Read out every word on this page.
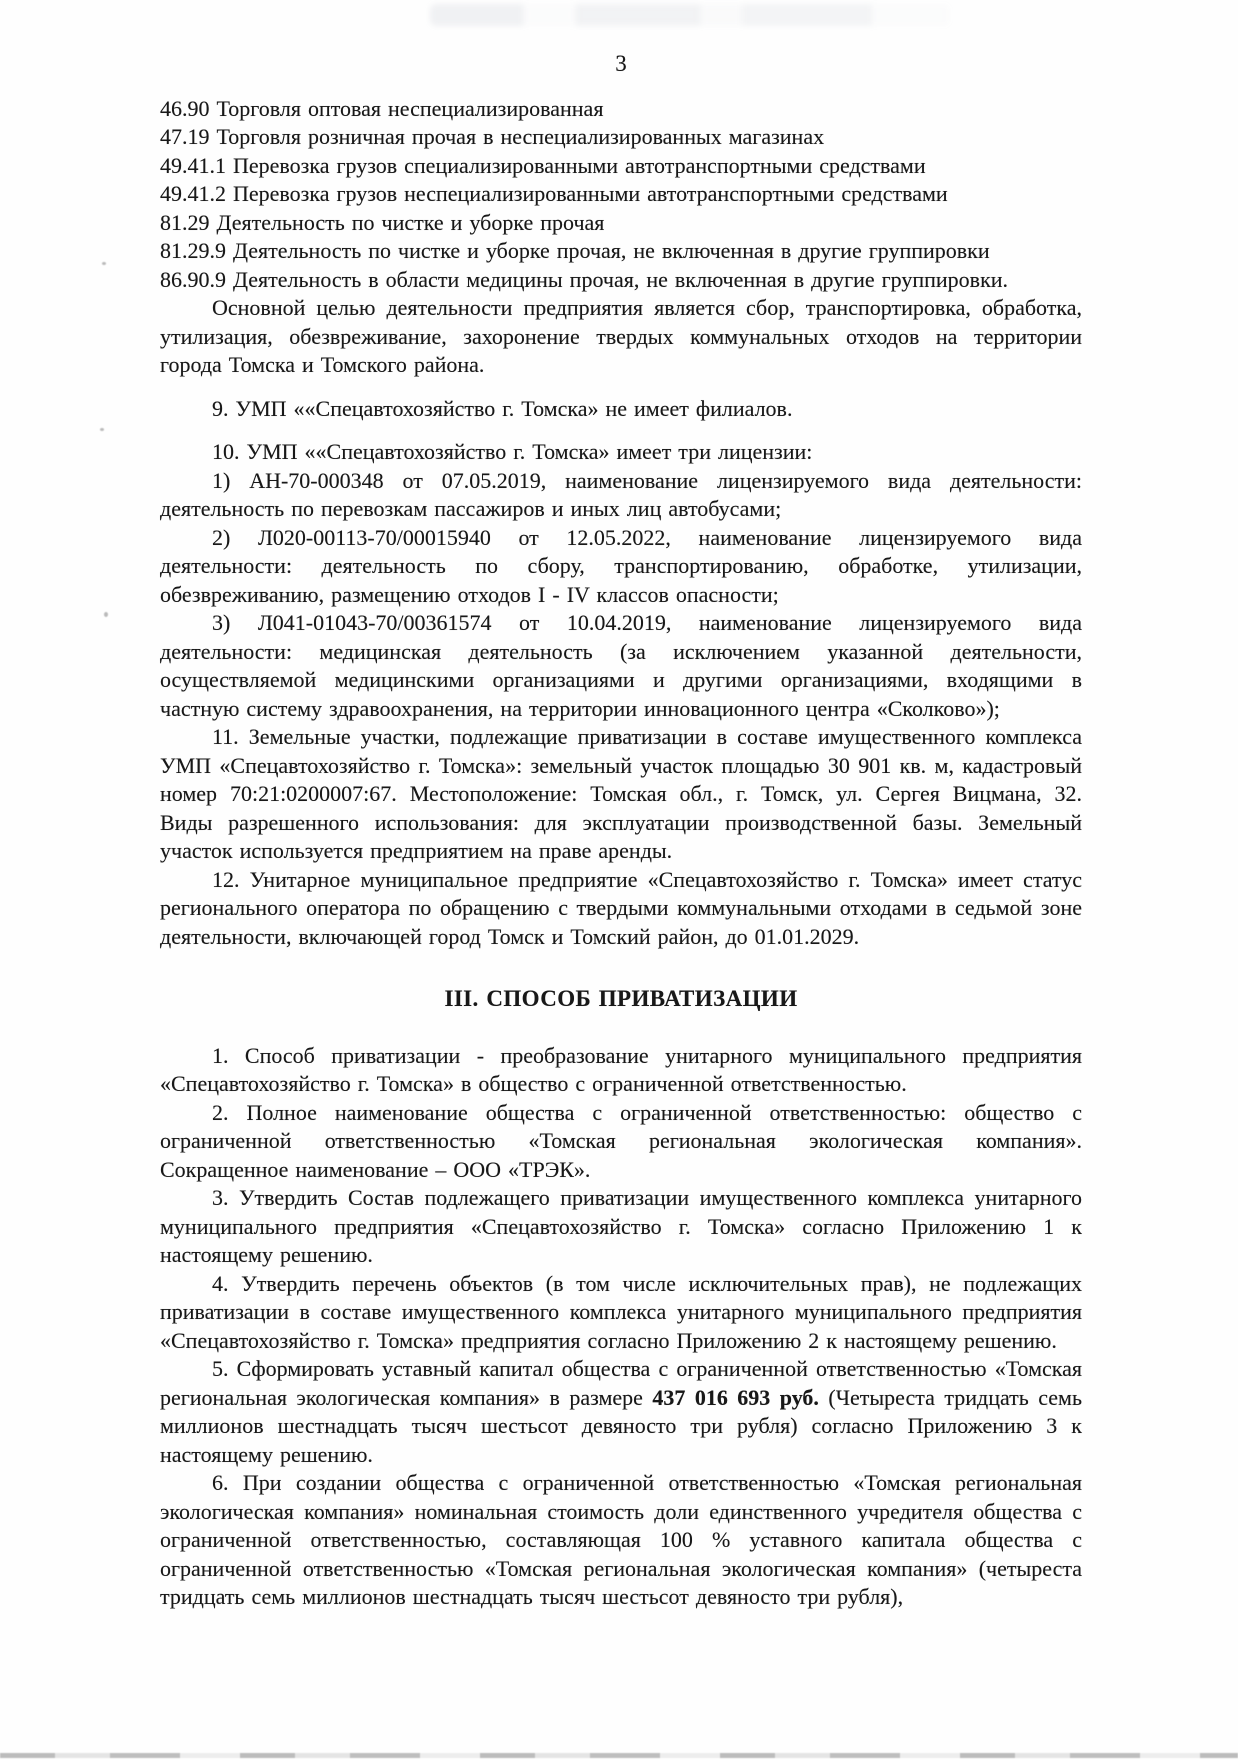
3

46.90 Торговля оптовая неспециализированная

47.19 Торговля розничная прочая в неспециализированных магазинах

49.41.1 Перевозка грузов специализированными автотранспортными средствами

49.41.2 Перевозка грузов неспециализированными автотранспортными средствами

81.29 Деятельность по чистке и уборке прочая

81.29.9 Деятельность по чистке и уборке прочая, не включенная в другие группировки

86.90.9 Деятельность в области медицины прочая, не включенная в другие группировки.

Основной целью деятельности предприятия является сбор, транспортировка, обработка, утилизация, обезвреживание, захоронение твердых коммунальных отходов на территории города Томска и Томского района.

9. УМП ««Спецавтохозяйство г. Томска» не имеет филиалов.

10. УМП ««Спецавтохозяйство г. Томска» имеет три лицензии:

1) АН-70-000348 от 07.05.2019, наименование лицензируемого вида деятельности: деятельность по перевозкам пассажиров и иных лиц автобусами;

2) Л020-00113-70/00015940 от 12.05.2022, наименование лицензируемого вида деятельности: деятельность по сбору, транспортированию, обработке, утилизации, обезвреживанию, размещению отходов I - IV классов опасности;

3) Л041-01043-70/00361574 от 10.04.2019, наименование лицензируемого вида деятельности: медицинская деятельность (за исключением указанной деятельности, осуществляемой медицинскими организациями и другими организациями, входящими в частную систему здравоохранения, на территории инновационного центра «Сколково»);

11. Земельные участки, подлежащие приватизации в составе имущественного комплекса УМП «Спецавтохозяйство г. Томска»: земельный участок площадью 30 901 кв. м, кадастровый номер 70:21:0200007:67. Местоположение: Томская обл., г. Томск, ул. Сергея Вицмана, 32. Виды разрешенного использования: для эксплуатации производственной базы. Земельный участок используется предприятием на праве аренды.

12. Унитарное муниципальное предприятие «Спецавтохозяйство г. Томска» имеет статус регионального оператора по обращению с твердыми коммунальными отходами в седьмой зоне деятельности, включающей город Томск и Томский район, до 01.01.2029.

III. СПОСОБ ПРИВАТИЗАЦИИ

1. Способ приватизации - преобразование унитарного муниципального предприятия «Спецавтохозяйство г. Томска» в общество с ограниченной ответственностью.

2. Полное наименование общества с ограниченной ответственностью: общество с ограниченной ответственностью «Томская региональная экологическая компания». Сокращенное наименование – ООО «ТРЭК».

3. Утвердить Состав подлежащего приватизации имущественного комплекса унитарного муниципального предприятия «Спецавтохозяйство г. Томска» согласно Приложению 1 к настоящему решению.

4. Утвердить перечень объектов (в том числе исключительных прав), не подлежащих приватизации в составе имущественного комплекса унитарного муниципального предприятия «Спецавтохозяйство г. Томска» предприятия согласно Приложению 2 к настоящему решению.

5. Сформировать уставный капитал общества с ограниченной ответственностью «Томская региональная экологическая компания» в размере 437 016 693 руб. (Четыреста тридцать семь миллионов шестнадцать тысяч шестьсот девяносто три рубля) согласно Приложению 3 к настоящему решению.

6. При создании общества с ограниченной ответственностью «Томская региональная экологическая компания» номинальная стоимость доли единственного учредителя общества с ограниченной ответственностью, составляющая 100 % уставного капитала общества с ограниченной ответственностью «Томская региональная экологическая компания» (четыреста тридцать семь миллионов шестнадцать тысяч шестьсот девяносто три рубля),
